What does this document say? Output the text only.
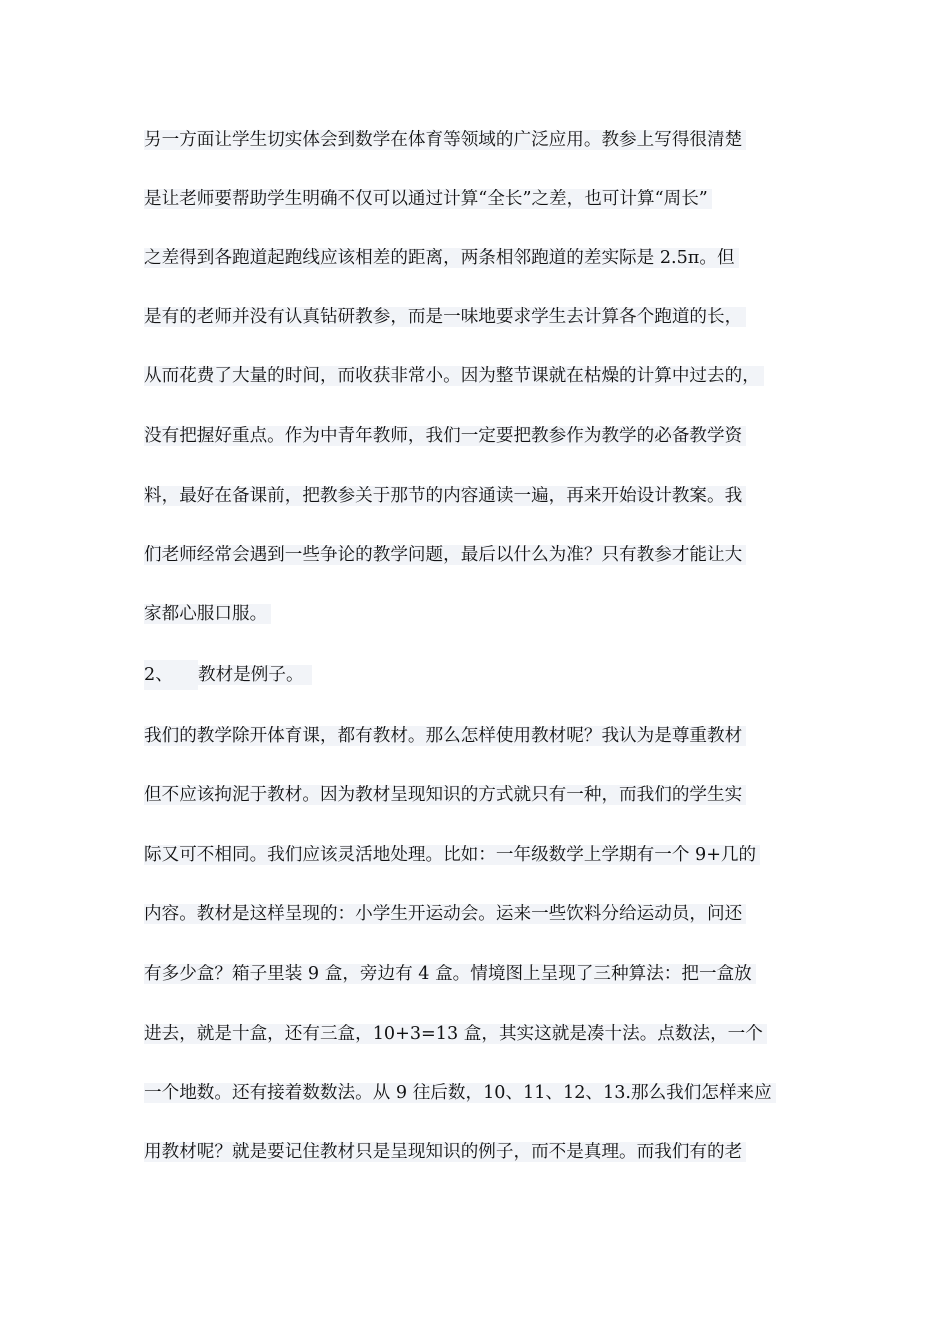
另一方面让学生切实体会到数学在体育等领域的广泛应用。教参上写得很清楚
是让老师要帮助学生明确不仅可以通过计算“全长”之差，也可计算“周长”
之差得到各跑道起跑线应该相差的距离，两条相邻跑道的差实际是 2.5π。但
是有的老师并没有认真钻研教参，而是一味地要求学生去计算各个跑道的长，
从而花费了大量的时间，而收获非常小。因为整节课就在枯燥的计算中过去的，
没有把握好重点。作为中青年教师，我们一定要把教参作为教学的必备教学资
料，最好在备课前，把教参关于那节的内容通读一遍，再来开始设计教案。我
们老师经常会遇到一些争论的教学问题，最后以什么为准？只有教参才能让大
家都心服口服。
2、 教材是例子。
我们的教学除开体育课，都有教材。那么怎样使用教材呢？我认为是尊重教材
但不应该拘泥于教材。因为教材呈现知识的方式就只有一种，而我们的学生实
际又可不相同。我们应该灵活地处理。比如：一年级数学上学期有一个 9+几的
内容。教材是这样呈现的：小学生开运动会。运来一些饮料分给运动员，问还
有多少盒？箱子里装 9 盒，旁边有 4 盒。情境图上呈现了三种算法：把一盒放
进去，就是十盒，还有三盒，10+3=13 盒，其实这就是凑十法。点数法，一个
一个地数。还有接着数数法。从 9 往后数，10、11、12、13.那么我们怎样来应
用教材呢？就是要记住教材只是呈现知识的例子，而不是真理。而我们有的老
